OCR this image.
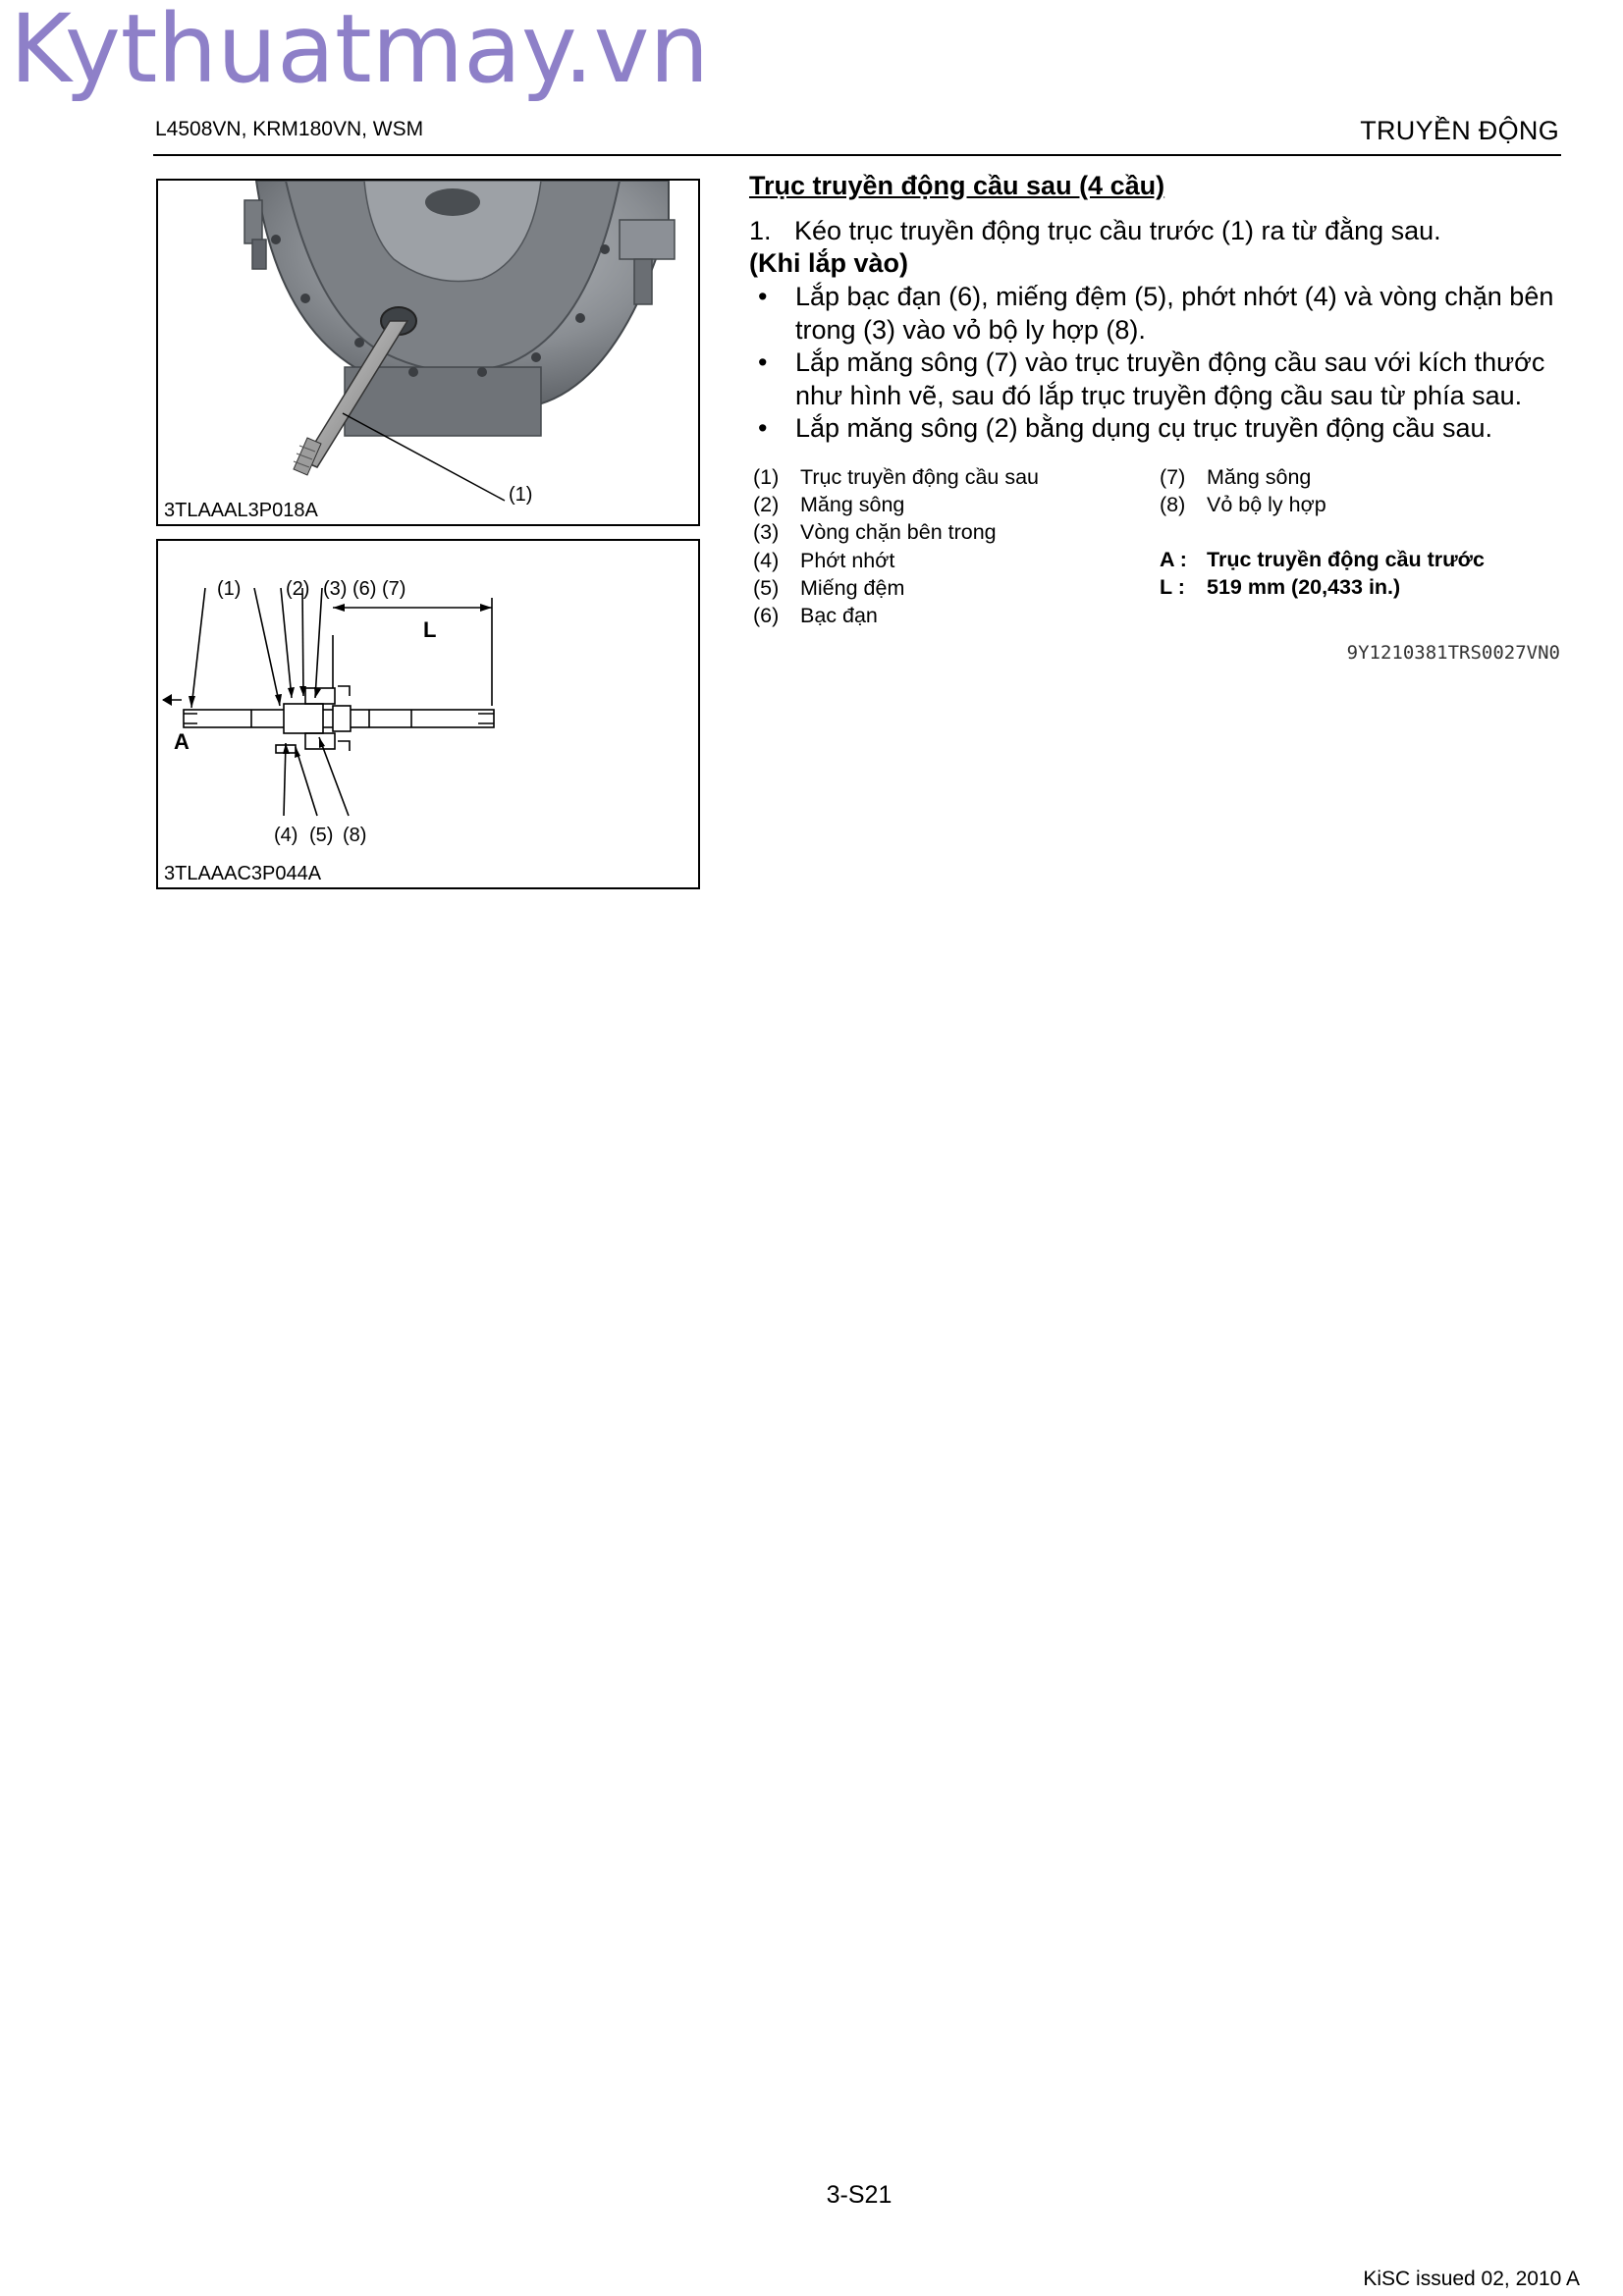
Kythuatmay.vn
L4508VN, KRM180VN, WSM	TRUYỀN ĐỘNG
(1)
3TLAAAL3P018A
(1) (2) (3) (6) (7)
L
A
(4) (5) (8)
3TLAAAC3P044A
Trục truyền động cầu sau (4 cầu)
1. Kéo trục truyền động trục cầu trước (1) ra từ đằng sau.
(Khi lắp vào)
• Lắp bạc đạn (6), miếng đệm (5), phớt nhớt (4) và vòng chặn bên trong (3) vào vỏ bộ ly hợp (8).
• Lắp măng sông (7) vào trục truyền động cầu sau với kích thước như hình vẽ, sau đó lắp trục truyền động cầu sau từ phía sau.
• Lắp măng sông (2) bằng dụng cụ trục truyền động cầu sau.
(1)	Trục truyền động cầu sau
(2)	Măng sông
(3)	Vòng chặn bên trong
(4)	Phớt nhớt
(5)	Miếng đệm
(6)	Bạc đạn
(7)	Măng sông
(8)	Vỏ bộ ly hợp
A : Trục truyền động cầu trước
L :	519 mm (20,433 in.)
9Y1210381TRS0027VN0
3-S21
KiSC issued 02, 2010 A
